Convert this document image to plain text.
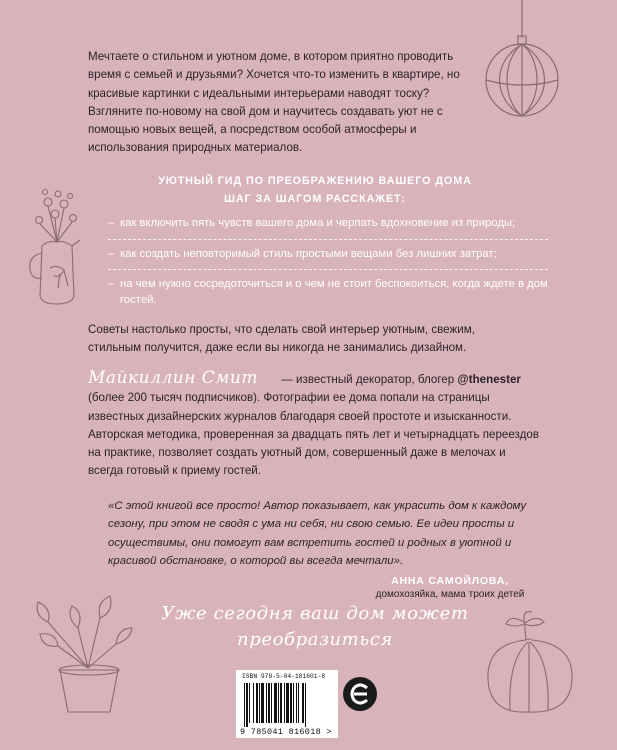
Мечтаете о стильном и уютном доме, в котором приятно проводить время с семьей и друзьями? Хочется что-то изменить в квартире, но красивые картинки с идеальными интерьерами наводят тоску? Взгляните по-новому на свой дом и научитесь создавать уют не с помощью новых вещей, а посредством особой атмосферы и использования природных материалов.
УЮТНЫЙ ГИД ПО ПРЕОБРАЖЕНИЮ ВАШЕГО ДОМА
ШАГ ЗА ШАГОМ РАССКАЖЕТ:
– как включить пять чувств вашего дома и черпать вдохновение из природы;
– как создать неповторимый стиль простыми вещами без лишних затрат;
– на чем нужно сосредоточиться и о чем не стоит беспокоиться, когда ждете в дом гостей.
Советы настолько просты, что сделать свой интерьер уютным, свежим, стильным получится, даже если вы никогда не занимались дизайном.
Майкиллин Смит — известный декоратор, блогер @thenester (более 200 тысяч подписчиков). Фотографии ее дома попали на страницы известных дизайнерских журналов благодаря своей простоте и изысканности. Авторская методика, проверенная за двадцать пять лет и четырнадцать переездов на практике, позволяет создать уютный дом, совершенный даже в мелочах и всегда готовый к приему гостей.
«С этой книгой все просто! Автор показывает, как украсить дом к каждому сезону, при этом не сводя с ума ни себя, ни свою семью. Ее идеи просты и осуществимы, они помогут вам встретить гостей и родных в уютной и красивой обстановке, о которой вы всегда мечтали».
АННА САМОЙЛОВА,
домохозяйка, мама троих детей
Уже сегодня ваш дом может преобразиться
ISBN 978-5-04-181601-8
9 785041 816018 >
